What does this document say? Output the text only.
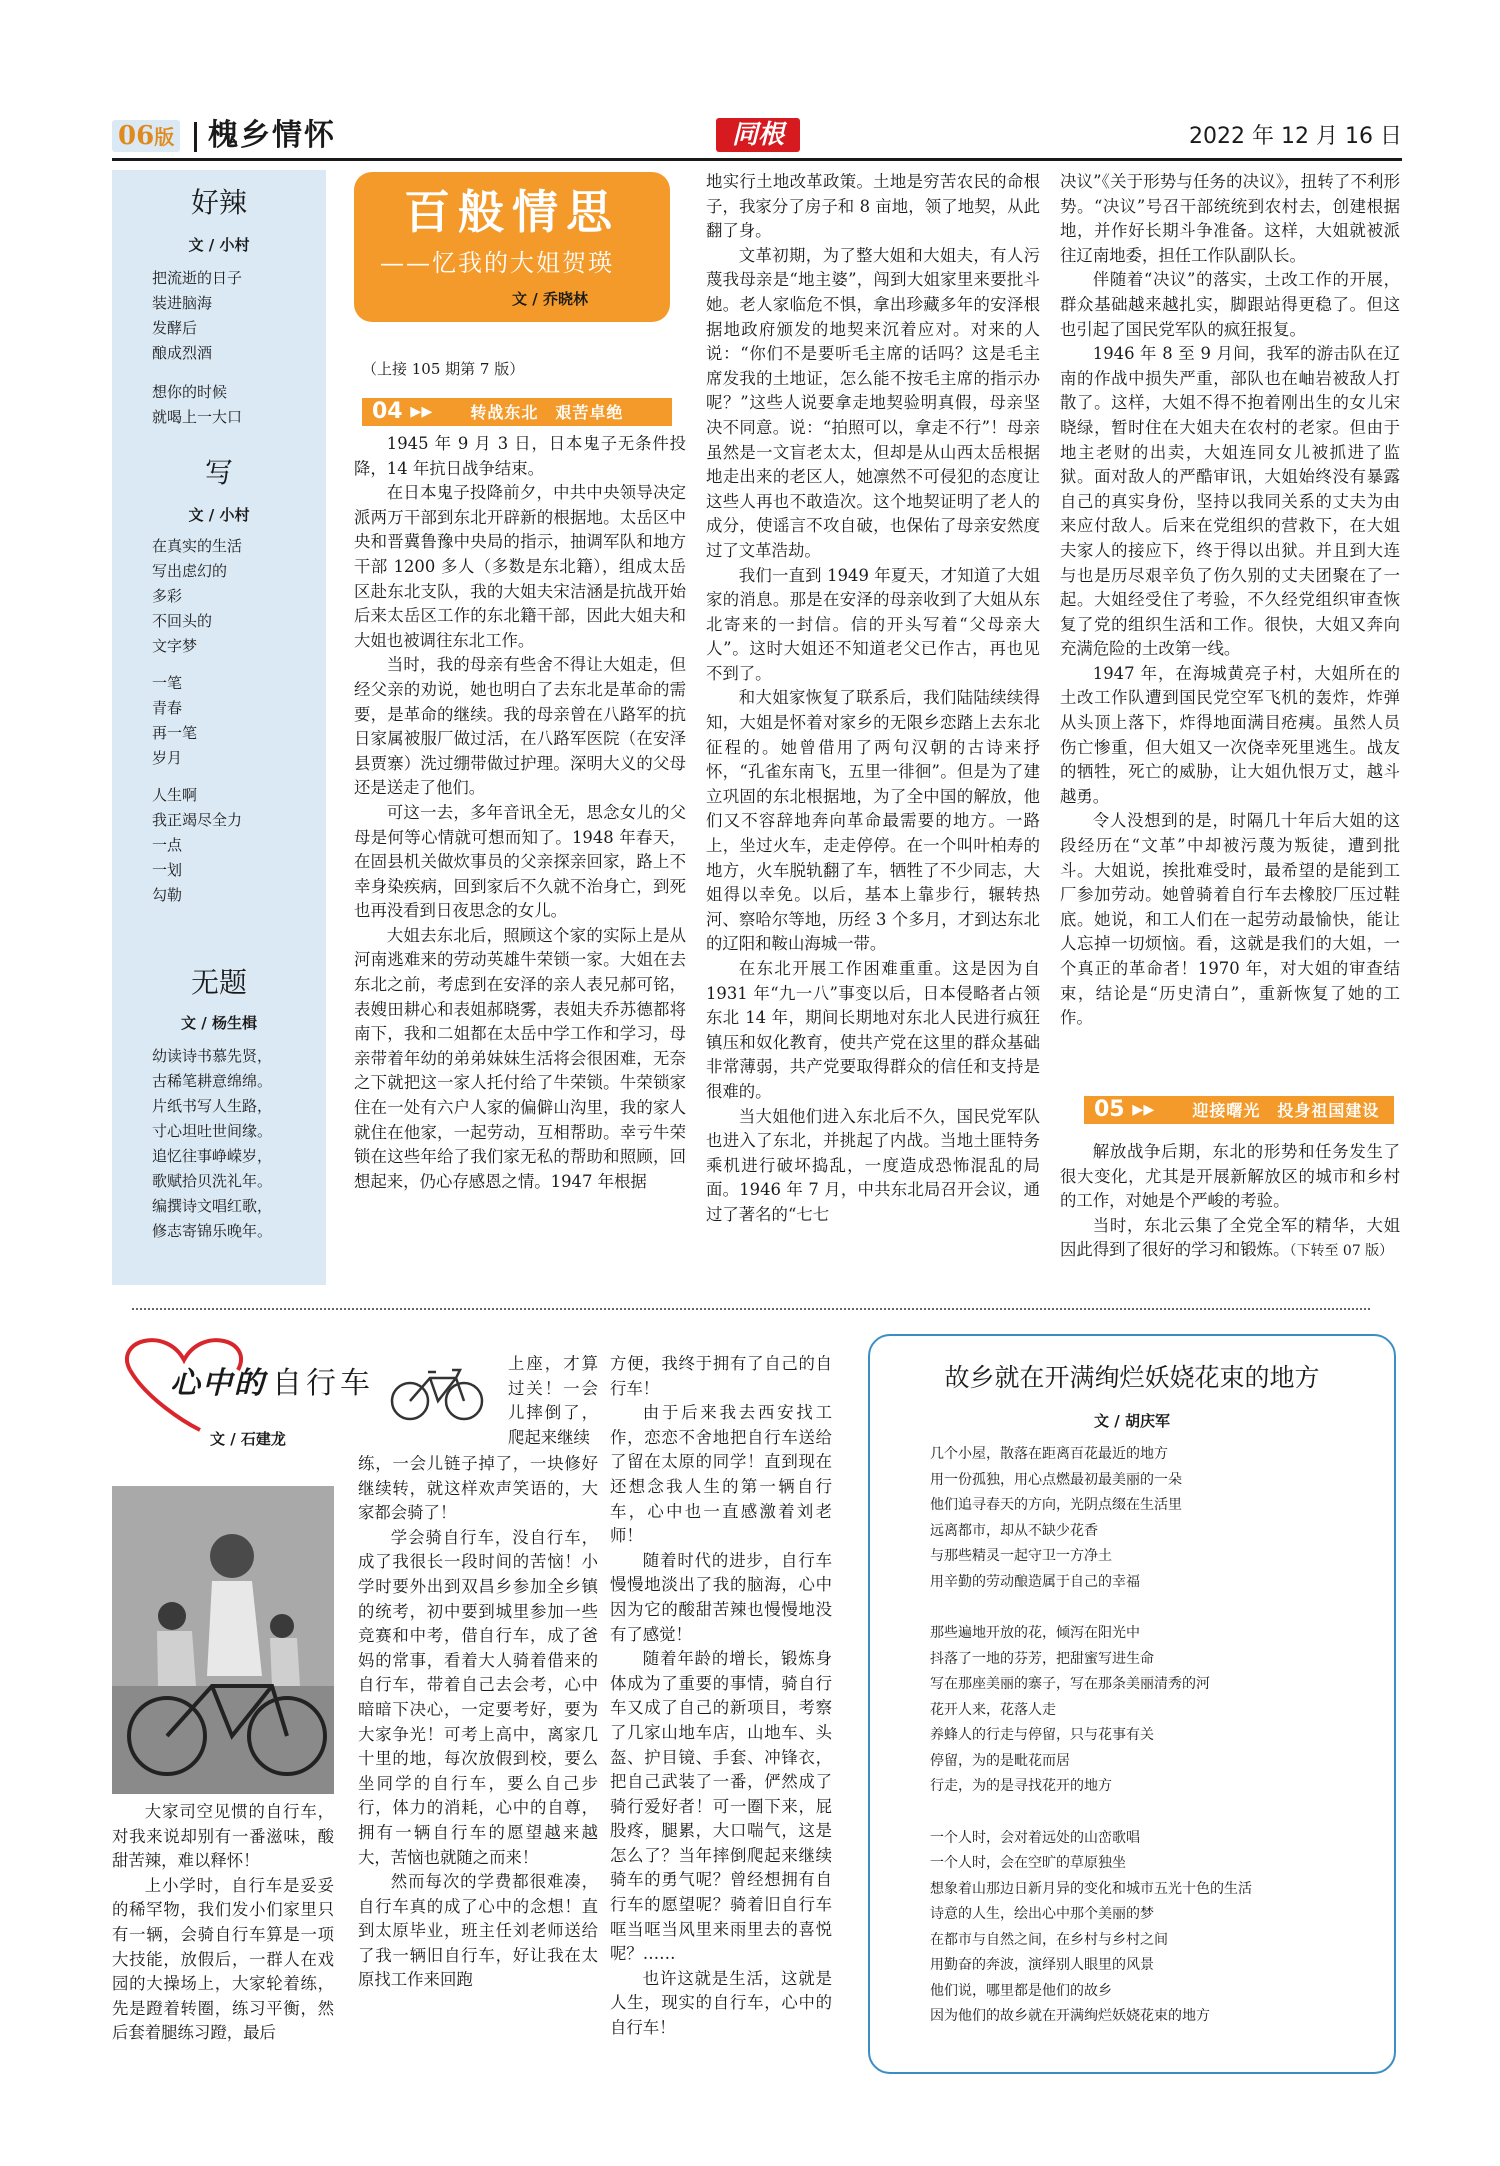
06版 槐乡情怀	同根	2022 年 12 月 16 日
好辣
文 / 小村
把流逝的日子
装进脑海
发酵后
酿成烈酒
想你的时候
就喝上一大口
写
文 / 小村
在真实的生活
写出虑幻的
多彩
不回头的
文字梦
一笔
青春
再一笔
岁月
人生啊
我正竭尽全力
一点
一划
勾勒
无题
文 / 杨生楫
幼读诗书慕先贤，
古稀笔耕意绵绵。
片纸书写人生路，
寸心坦吐世间缘。
追忆往事峥嵘岁，
歌赋拾贝洗礼年。
编撰诗文唱红歌，
修志寄锦乐晚年。
百般情思
——忆我的大姐贺瑛
文 / 乔晓林
（上接 105 期第 7 版）
04 ▸▸ 转战东北　艰苦卓绝

1945 年 9 月 3 日，日本鬼子无条件投降，14 年抗日战争结束。

在日本鬼子投降前夕，中共中央领导决定派两万干部到东北开辟新的根据地。太岳区中央和晋冀鲁豫中央局的指示，抽调军队和地方干部 1200 多人（多数是东北籍），组成太岳区赴东北支队，我的大姐夫宋洁涵是抗战开始后来太岳区工作的东北籍干部，因此大姐夫和大姐也被调往东北工作。

当时，我的母亲有些舍不得让大姐走，但经父亲的劝说，她也明白了去东北是革命的需要，是革命的继续。我的母亲曾在八路军的抗日家属被服厂做过活，在八路军医院（在安泽县贾寨）洗过绷带做过护理。深明大义的父母还是送走了他们。

可这一去，多年音讯全无，思念女儿的父母是何等心情就可想而知了。1948 年春天，在固县机关做炊事员的父亲探亲回家，路上不幸身染疾病，回到家后不久就不治身亡，到死也再没看到日夜思念的女儿。

大姐去东北后，照顾这个家的实际上是从河南逃难来的劳动英雄牛荣锁一家。大姐在去东北之前，考虑到在安泽的亲人表兄郝可铭，表嫂田耕心和表姐郝晓雾，表姐夫乔苏德都将南下，我和二姐都在太岳中学工作和学习，母亲带着年幼的弟弟妹妹生活将会很困难，无奈之下就把这一家人托付给了牛荣锁。牛荣锁家住在一处有六户人家的偏僻山沟里，我的家人就住在他家，一起劳动，互相帮助。幸亏牛荣锁在这些年给了我们家无私的帮助和照顾，回想起来，仍心存感恩之情。1947 年根据

地实行土地改革政策。土地是穷苦农民的命根子，我家分了房子和 8 亩地，领了地契，从此翻了身。

文革初期，为了整大姐和大姐夫，有人污蔑我母亲是“地主婆”，闯到大姐家里来要批斗她。老人家临危不惧，拿出珍藏多年的安泽根据地政府颁发的地契来沉着应对。对来的人说：“你们不是要听毛主席的话吗？这是毛主席发我的土地证，怎么能不按毛主席的指示办呢？”这些人说要拿走地契验明真假，母亲坚决不同意。说：“拍照可以，拿走不行”！母亲虽然是一文盲老太太，但却是从山西太岳根据地走出来的老区人，她凛然不可侵犯的态度让这些人再也不敢造次。这个地契证明了老人的成分，使谣言不攻自破，也保佑了母亲安然度过了文革浩劫。

我们一直到 1949 年夏天，才知道了大姐家的消息。那是在安泽的母亲收到了大姐从东北寄来的一封信。信的开头写着“父母亲大人”。这时大姐还不知道老父已作古，再也见不到了。

和大姐家恢复了联系后，我们陆陆续续得知，大姐是怀着对家乡的无限乡恋踏上去东北征程的。她曾借用了两句汉朝的古诗来抒怀，“孔雀东南飞，五里一徘徊”。但是为了建立巩固的东北根据地，为了全中国的解放，他们又不容辞地奔向革命最需要的地方。一路上，坐过火车，走走停停。在一个叫叶柏寿的地方，火车脱轨翻了车，牺牲了不少同志，大姐得以幸免。以后，基本上靠步行，辗转热河、察哈尔等地，历经 3 个多月，才到达东北的辽阳和鞍山海城一带。

在东北开展工作困难重重。这是因为自 1931 年“九一八”事变以后，日本侵略者占领东北 14 年，期间长期地对东北人民进行疯狂镇压和奴化教育，使共产党在这里的群众基础非常薄弱，共产党要取得群众的信任和支持是很难的。

当大姐他们进入东北后不久，国民党军队也进入了东北，并挑起了内战。当地土匪特务乘机进行破坏捣乱，一度造成恐怖混乱的局面。1946 年 7 月，中共东北局召开会议，通过了著名的“七七

决议”《关于形势与任务的决议》，扭转了不利形势。“决议”号召干部统统到农村去，创建根据地，并作好长期斗争准备。这样，大姐就被派往辽南地委，担任工作队副队长。

伴随着“决议”的落实，土改工作的开展，群众基础越来越扎实，脚跟站得更稳了。但这也引起了国民党军队的疯狂报复。

1946 年 8 至 9 月间，我军的游击队在辽南的作战中损失严重，部队也在岫岩被敌人打散了。这样，大姐不得不抱着刚出生的女儿宋晓绿，暂时住在大姐夫在农村的老家。但由于地主老财的出卖，大姐连同女儿被抓进了监狱。面对敌人的严酷审讯，大姐始终没有暴露自己的真实身份，坚持以我同关系的丈夫为由来应付敌人。后来在党组织的营救下，在大姐夫家人的接应下，终于得以出狱。并且到大连与也是历尽艰辛负了伤久别的丈夫团聚在了一起。大姐经受住了考验，不久经党组织审查恢复了党的组织生活和工作。很快，大姐又奔向充满危险的土改第一线。

1947 年，在海城黄亮子村，大姐所在的土改工作队遭到国民党空军飞机的轰炸，炸弹从头顶上落下，炸得地面满目疮痍。虽然人员伤亡惨重，但大姐又一次侥幸死里逃生。战友的牺牲，死亡的威胁，让大姐仇恨万丈，越斗越勇。

令人没想到的是，时隔几十年后大姐的这段经历在“文革”中却被污蔑为叛徒，遭到批斗。大姐说，挨批难受时，最希望的是能到工厂参加劳动。她曾骑着自行车去橡胶厂压过鞋底。她说，和工人们在一起劳动最愉快，能让人忘掉一切烦恼。看，这就是我们的大姐，一个真正的革命者！1970 年，对大姐的审查结束，结论是“历史清白”，重新恢复了她的工作。

05 ▸▸ 迎接曙光　投身祖国建设

解放战争后期，东北的形势和任务发生了很大变化，尤其是开展新解放区的城市和乡村的工作，对她是个严峻的考验。

当时，东北云集了全党全军的精华，大姐因此得到了很好的学习和锻炼。（下转至 07 版）

心中的 自行车
文 / 石建龙

大家司空见惯的自行车，对我来说却别有一番滋味，酸甜苦辣，难以释怀！

上小学时，自行车是妥妥的稀罕物，我们发小们家里只有一辆，会骑自行车算是一项大技能，放假后，一群人在戏园的大操场上，大家轮着练，先是蹬着转圈，练习平衡，然后套着腿练习蹬，最后

上座，才算过关！一会儿摔倒了，爬起来继续

练，一会儿链子掉了，一块修好继续转，就这样欢声笑语的，大家都会骑了！

学会骑自行车，没自行车，成了我很长一段时间的苦恼！小学时要外出到双昌乡参加全乡镇的统考，初中要到城里参加一些竞赛和中考，借自行车，成了爸妈的常事，看着大人骑着借来的自行车，带着自己去会考，心中暗暗下决心，一定要考好，要为大家争光！可考上高中，离家几十里的地，每次放假到校，要么坐同学的自行车，要么自己步行，体力的消耗，心中的自尊，拥有一辆自行车的愿望越来越大，苦恼也就随之而来！

然而每次的学费都很难凑，自行车真的成了心中的念想！直到太原毕业，班主任刘老师送给了我一辆旧自行车，好让我在太原找工作来回跑

方便，我终于拥有了自己的自行车！

由于后来我去西安找工作，恋恋不舍地把自行车送给了留在太原的同学！直到现在还想念我人生的第一辆自行车，心中也一直感激着刘老师！

随着时代的进步，自行车慢慢地淡出了我的脑海，心中因为它的酸甜苦辣也慢慢地没有了感觉！

随着年龄的增长，锻炼身体成为了重要的事情，骑自行车又成了自己的新项目，考察了几家山地车店，山地车、头盔、护目镜、手套、冲锋衣，把自己武装了一番，俨然成了骑行爱好者！可一圈下来，屁股疼，腿累，大口喘气，这是怎么了？当年摔倒爬起来继续骑车的勇气呢？曾经想拥有自行车的愿望呢？骑着旧自行车哐当哐当风里来雨里去的喜悦呢？……

也许这就是生活，这就是人生，现实的自行车，心中的自行车！

故乡就在开满绚烂妖娆花束的地方
文 / 胡庆军
几个小屋，散落在距离百花最近的地方
用一份孤独，用心点燃最初最美丽的一朵
他们追寻春天的方向，光阴点缀在生活里
远离都市，却从不缺少花香
与那些精灵一起守卫一方净土
用辛勤的劳动酿造属于自己的幸福
那些遍地开放的花，倾泻在阳光中
抖落了一地的芬芳，把甜蜜写进生命
写在那座美丽的寨子，写在那条美丽清秀的河
花开人来，花落人走
养蜂人的行走与停留，只与花事有关
停留，为的是毗花而居
行走，为的是寻找花开的地方
一个人时，会对着远处的山峦歌唱
一个人时，会在空旷的草原独坐
想象着山那边日新月异的变化和城市五光十色的生活
诗意的人生，绘出心中那个美丽的梦
在都市与自然之间，在乡村与乡村之间
用勤奋的奔波，演绎别人眼里的风景
他们说，哪里都是他们的故乡
因为他们的故乡就在开满绚烂妖娆花束的地方
